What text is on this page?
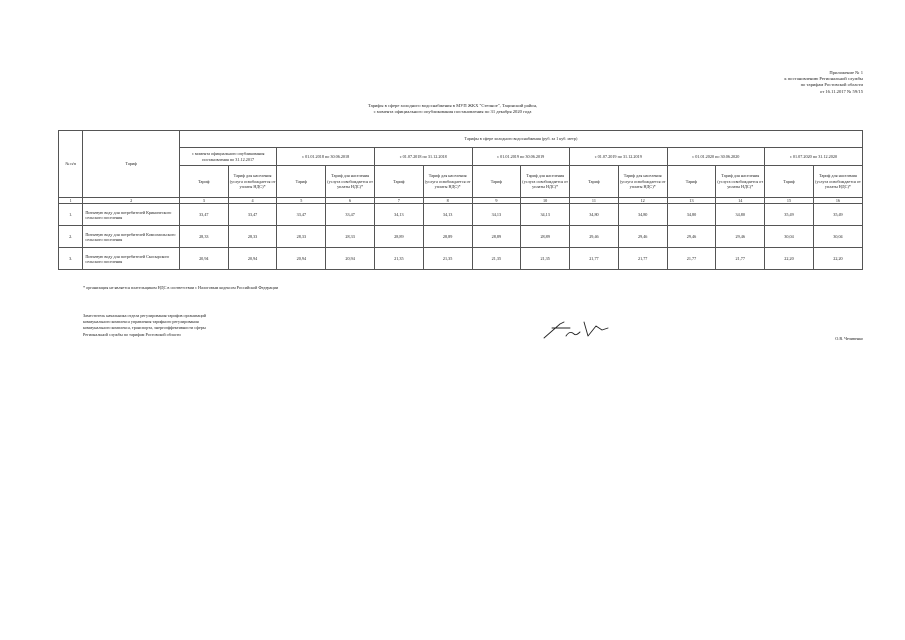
Приложение № 1
к постановлению Региональной службы
по тарифам Ростовской области
от 16.11.2017 № 59/15
Тарифы в сфере холодного водоснабжения в МУП ЖКХ "Степное", Тацинский район,
с момента официального опубликования постановления по 31 декабря 2020 года
№ п/п	Тариф	Тарифы в сфере холодного водоснабжения (руб. за 1 куб. метр)													
		с момента официального опубликования постановления по 31.12.2017		с 01.01.2018 по 30.06.2018		с 01.07.2018 по 31.12.2018		с 01.01.2019 по 30.06.2019		с 01.07.2019 по 31.12.2019		с 01.01.2020 по 30.06.2020		с 01.07.2020 по 31.12.2020	
		Тариф	Тариф для населения (услуга освобождается от уплаты НДС)*	Тариф	Тариф для населения (услуга освобождается от уплаты НДС)*	Тариф	Тариф для населения (услуга освобождается от уплаты НДС)*	Тариф	Тариф для населения (услуга освобождается от уплаты НДС)*	Тариф	Тариф для населения (услуга освобождается от уплаты НДС)*	Тариф	Тариф для населения (услуга освобождается от уплаты НДС)*	Тариф	Тариф для населения (услуга освобождается от уплаты НДС)*
1	2	3	4	5	6	7	8	9	10	11	12	13	14	15	16
1.	Питьевую воду для потребителей Кринического сельского поселения	33,47	33,47	33,47	33,47	34,13	34,13	34,13	34,13	34,80	34,80	34,80	34,80	35,49	35,49
2.	Питьевую воду для потребителей Комсомольского сельского поселения	28,33	28,33	28,33	28,33	28,89	28,89	28,89	28,89	29,46	29,46	29,46	29,46	30,04	30,04
3.	Питьевую воду для потребителей Скосырского сельского поселения	20,94	20,94	20,94	20,94	21,35	21,35	21,35	21,35	21,77	21,77	21,77	21,77	22,20	22,20
* организация не является плательщиком НДС в соответствии с Налоговым кодексом Российской Федерации
Заместитель начальника отдела регулирования тарифов организаций
коммунального комплекса управления тарифного регулирования
коммунального комплекса, транспорта, энергоэффективности сферы
Региональной службы по тарифам Ростовской области
О.В. Чечивенко
